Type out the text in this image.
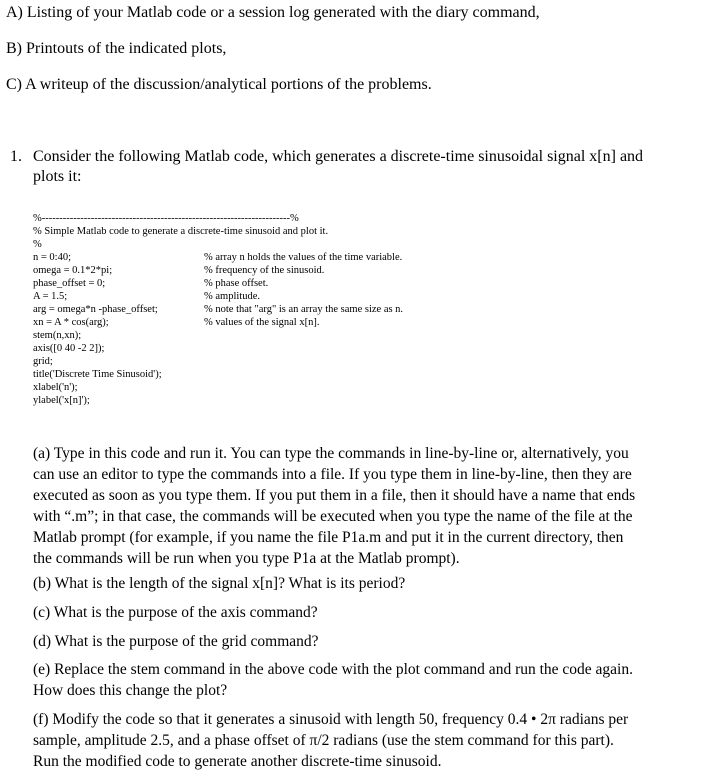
A) Listing of your Matlab code or a session log generated with the diary command,
B) Printouts of the indicated plots,
C) A writeup of the discussion/analytical portions of the problems.
1. Consider the following Matlab code, which generates a discrete-time sinusoidal signal x[n] and
plots it:
%-----------------------------------------------------------------------%
% Simple Matlab code to generate a discrete-time sinusoid and plot it.
%
n = 0:40;
omega = 0.1*2*pi;
phase_offset = 0;
A = 1.5;
arg = omega*n -phase_offset;
xn = A * cos(arg);
stem(n,xn);
axis([0 40 -2 2]);
grid;
title('Discrete Time Sinusoid');
xlabel('n');
ylabel('x[n]');
% array n holds the values of the time variable.
% frequency of the sinusoid.
% phase offset.
% amplitude.
% note that "arg" is an array the same size as n.
% values of the signal x[n].
(a) Type in this code and run it. You can type the commands in line-by-line or, alternatively, you
can use an editor to type the commands into a file. If you type them in line-by-line, then they are
executed as soon as you type them. If you put them in a file, then it should have a name that ends
with “.m”; in that case, the commands will be executed when you type the name of the file at the
Matlab prompt (for example, if you name the file P1a.m and put it in the current directory, then
the commands will be run when you type P1a at the Matlab prompt).
(b) What is the length of the signal x[n]? What is its period?
(c) What is the purpose of the axis command?
(d) What is the purpose of the grid command?
(e) Replace the stem command in the above code with the plot command and run the code again.
How does this change the plot?
(f) Modify the code so that it generates a sinusoid with length 50, frequency 0.4 • 2π radians per
sample, amplitude 2.5, and a phase offset of π/2 radians (use the stem command for this part).
Run the modified code to generate another discrete-time sinusoid.
